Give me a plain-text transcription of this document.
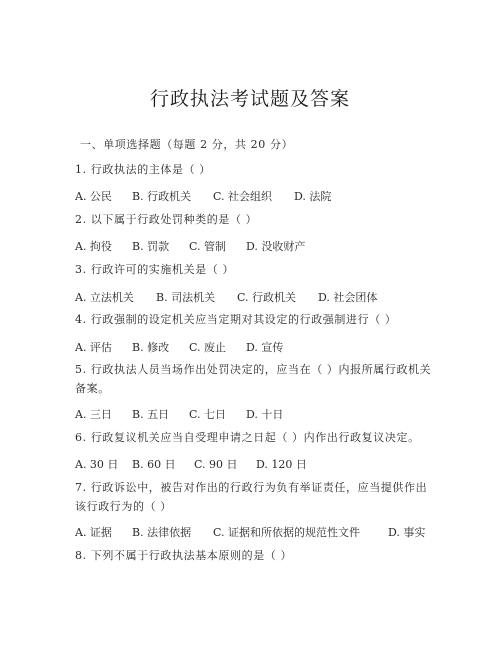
行政执法考试题及答案
一、单项选择题（每题 2 分，共 20 分）
1. 行政执法的主体是（ ）
A. 公民 B. 行政机关 C. 社会组织 D. 法院
2. 以下属于行政处罚种类的是（ ）
A. 拘役 B. 罚款 C. 管制 D. 没收财产
3. 行政许可的实施机关是（ ）
A. 立法机关 B. 司法机关 C. 行政机关 D. 社会团体
4. 行政强制的设定机关应当定期对其设定的行政强制进行（ ）
A. 评估 B. 修改 C. 废止 D. 宣传
5. 行政执法人员当场作出处罚决定的，应当在（ ）内报所属行政机关备案。
A. 三日 B. 五日 C. 七日 D. 十日
6. 行政复议机关应当自受理申请之日起（ ）内作出行政复议决定。
A. 30 日 B. 60 日 C. 90 日 D. 120 日
7. 行政诉讼中，被告对作出的行政行为负有举证责任，应当提供作出该行政行为的（ ）
A. 证据 B. 法律依据 C. 证据和所依据的规范性文件	D. 事实
8. 下列不属于行政执法基本原则的是（ ）
